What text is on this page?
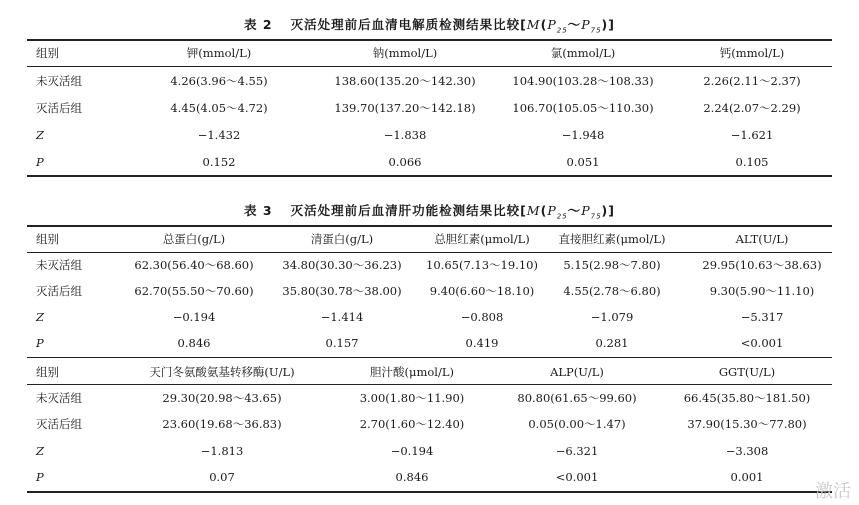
表 2 灭活处理前后血清电解质检测结果比较$[M(P_{25}\sim P_{75})]$
组别	钾(mmol/L)	钠(mmol/L)	氯(mmol/L)	钙(mmol/L)
未灭活组	4.26(3.96～4.55)	138.60(135.20～142.30)	104.90(103.28～108.33)	2.26(2.11～2.37)
灭活后组	4.45(4.05～4.72)	139.70(137.20～142.18)	106.70(105.05～110.30)	2.24(2.07～2.29)
Z	−1.432	−1.838	−1.948	−1.621
P	0.152	0.066	0.051	0.105
表 3 灭活处理前后血清肝功能检测结果比较$[M(P_{25}\sim P_{75})]$
组别	总蛋白(g/L)	清蛋白(g/L)	总胆红素(μmol/L)	直接胆红素(μmol/L)	ALT(U/L)
未灭活组	62.30(56.40～68.60)	34.80(30.30～36.23)	10.65(7.13～19.10)	5.15(2.98～7.80)	29.95(10.63～38.63)
灭活后组	62.70(55.50～70.60)	35.80(30.78～38.00)	9.40(6.60～18.10)	4.55(2.78～6.80)	9.30(5.90～11.10)
Z	−0.194	−1.414	−0.808	−1.079	−5.317
P	0.846	0.157	0.419	0.281	<0.001
组别	天门冬氨酸氨基转移酶(U/L)	胆汁酸(μmol/L)	ALP(U/L)	GGT(U/L)
未灭活组	29.30(20.98～43.65)	3.00(1.80～11.90)	80.80(61.65～99.60)	66.45(35.80～181.50)
灭活后组	23.60(19.68～36.83)	2.70(1.60～12.40)	0.05(0.00～1.47)	37.90(15.30～77.80)
Z	−1.813	−0.194	−6.321	−3.308
P	0.07	0.846	<0.001	0.001
激活
